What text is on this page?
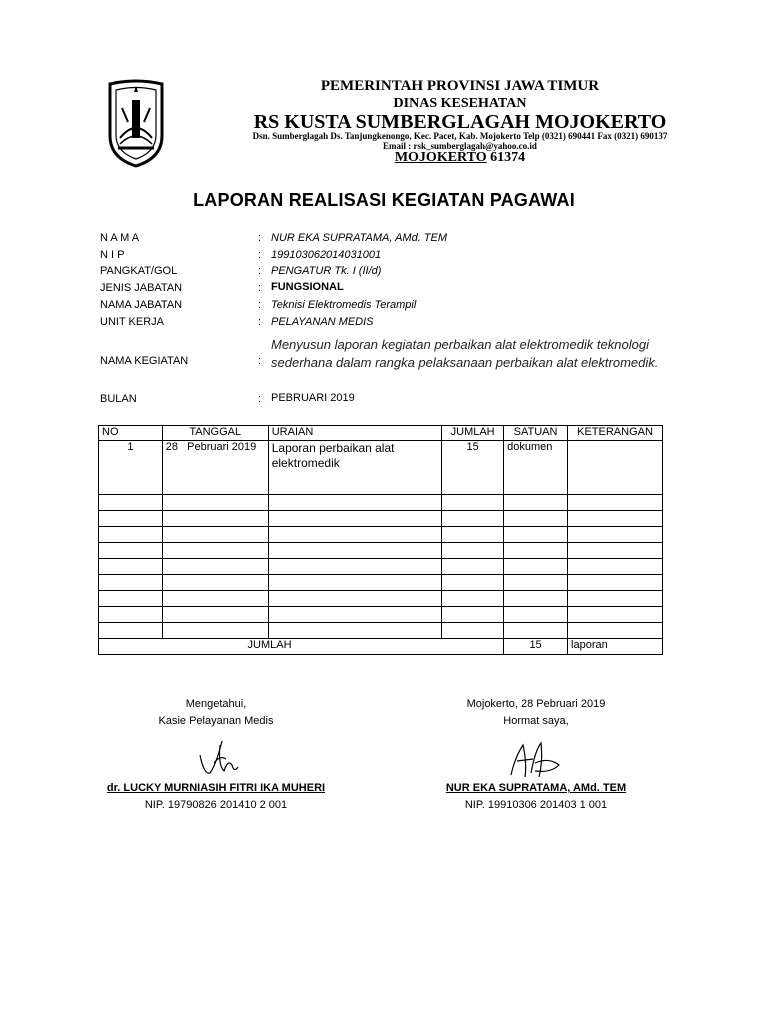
PEMERINTAH PROVINSI JAWA TIMUR
DINAS KESEHATAN
RS KUSTA SUMBERGLAGAH MOJOKERTO
Dsn. Sumberglagah Ds. Tanjungkenongo, Kec. Pacet, Kab. Mojokerto Telp (0321) 690441 Fax (0321) 690137
Email : rsk_sumberglagah@yahoo.co.id
MOJOKERTO 61374
LAPORAN REALISASI KEGIATAN PAGAWAI
N A M A	: NUR EKA SUPRATAMA, AMd. TEM
N I P	: 199103062014031001
PANGKAT/GOL	: PENGATUR Tk. I (II/d)
JENIS JABATAN	: FUNGSIONAL
NAMA JABATAN	: Teknisi Elektromedis Terampil
UNIT KERJA	: PELAYANAN MEDIS
NAMA KEGIATAN	:
Menyusun laporan kegiatan perbaikan alat elektromedik teknologi sederhana dalam rangka pelaksanaan perbaikan alat elektromedik.
BULAN	: PEBRUARI 2019
NO	TANGGAL	URAIAN	JUMLAH	SATUAN	KETERANGAN
1	28   Pebruari 2019	Laporan perbaikan alat elektromedik	15	dokumen	

JUMLAH				15	laporan
Mengetahui,
Kasie Pelayanan Medis
dr. LUCKY MURNIASIH FITRI IKA MUHERI
NIP. 19790826 201410 2 001
Mojokerto, 28 Pebruari 2019
Hormat saya,
NUR EKA SUPRATAMA, AMd. TEM
NIP. 19910306 201403 1 001
